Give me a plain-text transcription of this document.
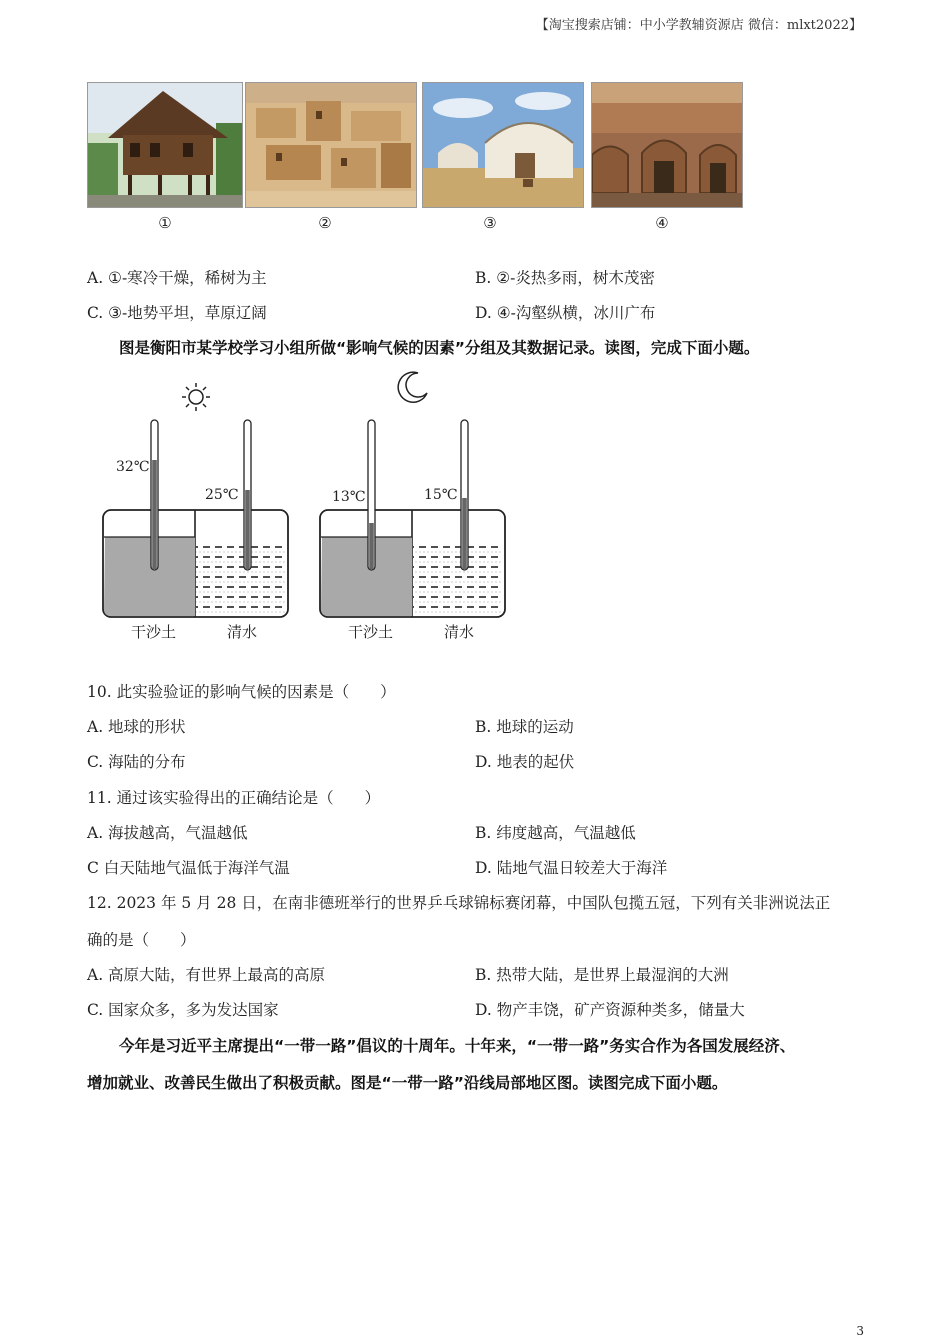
【淘宝搜索店铺：中小学教辅资源店 微信：mlxt2022】
①	②	③	④
A. ①-寒冷干燥，稀树为主	B. ②-炎热多雨，树木茂密
C. ③-地势平坦，草原辽阔	D. ④-沟壑纵横，冰川广布
图是衡阳市某学校学习小组所做“影响气候的因素”分组及其数据记录。读图，完成下面小题。
32℃
25℃	13℃	15℃
干沙土	清水	干沙土	清水
10. 此实验验证的影响气候的因素是（　　）
A. 地球的形状	B. 地球的运动
C. 海陆的分布	D. 地表的起伏
11. 通过该实验得出的正确结论是（　　）
A. 海拔越高，气温越低	B. 纬度越高，气温越低
C 白天陆地气温低于海洋气温	D. 陆地气温日较差大于海洋
12. 2023 年 5 月 28 日，在南非德班举行的世界乒乓球锦标赛闭幕，中国队包揽五冠，下列有关非洲说法正
确的是（　　）
A. 高原大陆，有世界上最高的高原	B. 热带大陆，是世界上最湿润的大洲
C. 国家众多，多为发达国家	D. 物产丰饶，矿产资源种类多，储量大
今年是习近平主席提出“一带一路”倡议的十周年。十年来，“一带一路”务实合作为各国发展经济、
增加就业、改善民生做出了积极贡献。图是“一带一路”沿线局部地区图。读图完成下面小题。
3
